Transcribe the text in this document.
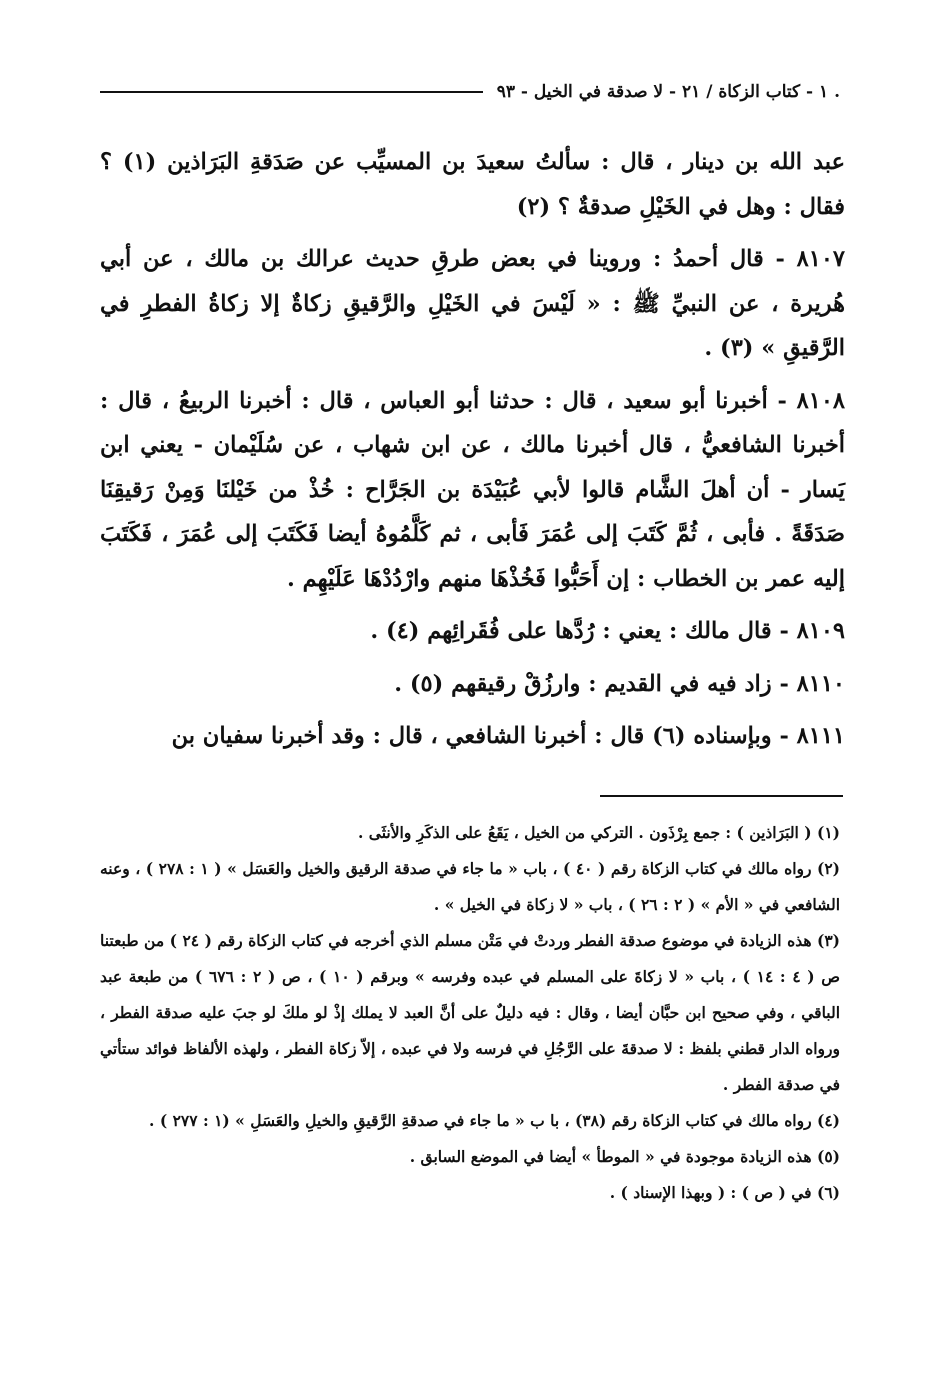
. ١ - كتاب الزكاة / ٢١ - لا صدقة في الخيل - ٩٣

عبد الله بن دينار ، قال : سألتُ سعيدَ بن المسيِّب عن صَدَقةِ البَرَاذين (١) ؟ فقال : وهل في الخَيْلِ صدقةٌ ؟ (٢)

٨١٠٧ - قال أحمدُ : وروينا في بعض طرقِ حديث عرالك بن مالك ، عن أبي هُريرة ، عن النبيِّ ﷺ : « لَيْسَ في الخَيْلِ والرَّقيقِ زكاةٌ إلا زكاةُ الفطرِ في الرَّقيقِ » (٣) .

٨١٠٨ - أخبرنا أبو سعيد ، قال : حدثنا أبو العباس ، قال : أخبرنا الربيعُ ، قال : أخبرنا الشافعيُّ ، قال أخبرنا مالك ، عن ابن شهاب ، عن سُلَيْمان - يعني ابن يَسار - أن أهلَ الشَّام قالوا لأبي عُبَيْدَة بن الجَرَّاح : خُذْ من خَيْلنَا وَمِنْ رَقيقِنَا صَدَقَةً . فأبى ، ثُمَّ كَتَبَ إلى عُمَرَ فَأبى ، ثم كَلَّمُوهُ أيضا فَكَتَبَ إلى عُمَرَ ، فَكَتَبَ إليه عمر بن الخطاب : إن أَحَبُّوا فَخُذْهَا منهم وارْدُدْهَا عَلَيْهِم .

٨١٠٩ - قال مالك : يعني : رُدَّها على فُقَرائِهم (٤) .

٨١١٠ - زاد فيه في القديم : وارزُقْ رقيقهم (٥) .

٨١١١ - وبإسناده (٦) قال : أخبرنا الشافعي ، قال : وقد أخبرنا سفيان بن

(١) ( البَرَاذين ) : جمع بِرْذَون . التركي من الخيل ، يَقَعُ على الذكَرِ والأنثَى .

(٢) رواه مالك في كتاب الزكاة رقم ( ٤٠ ) ، باب « ما جاء في صدقة الرقيق والخيل والعَسَل » ( ١ : ٢٧٨ ) ، وعنه الشافعي في « الأم » ( ٢ : ٢٦ ) ، باب « لا زكاة في الخيل » .

(٣) هذه الزيادة في موضوع صدقة الفطر وردتْ في مَتْن مسلم الذي أخرجه في كتاب الزكاة رقم ( ٢٤ ) من طبعتنا ص ( ٤ : ١٤ ) ، باب « لا زكاةَ على المسلم في عبده وفرسه » وبرقم ( ١٠ ) ، ص ( ٢ : ٦٧٦ ) من طبعة عبد الباقي ، وفي صحيح ابن حبَّان أيضا ، وقال : فيه دليلٌ على أنَّ العبد لا يملك إذْ لو ملكَ لو جبَ عليه صدقة الفطر ، ورواه الدار قطني بلفظ : لا صدقةَ على الرَّجُلِ في فرسه ولا في عبده ، إلاّ زكاة الفطر ، ولهذه الألفاظ فوائد ستأتي في صدقة الفطر .

(٤) رواه مالك في كتاب الزكاة رقم (٣٨) ، با ب « ما جاء في صدقةِ الرَّقيقِ والخيلِ والعَسَلِ » (١ : ٢٧٧ ) .

(٥) هذه الزيادة موجودة في « الموطأ » أيضا في الموضع السابق .

(٦) في ( ص ) : ( وبهذا الإسناد ) .
